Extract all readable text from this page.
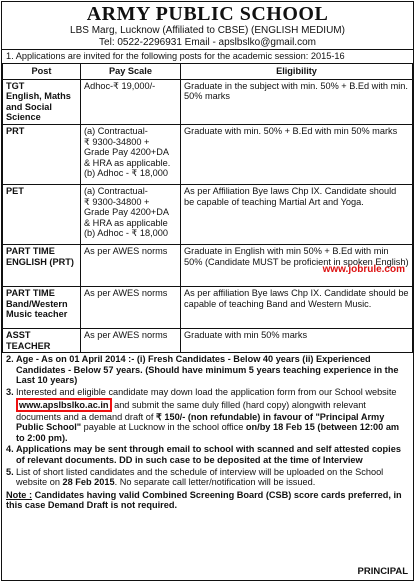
ARMY PUBLIC SCHOOL
LBS Marg, Lucknow (Affiliated to CBSE) (ENGLISH MEDIUM)
Tel: 0522-2296931 Email - apslbslko@gmail.com
1. Applications are invited for the following posts for the academic session: 2015-16
Post	Pay Scale	Eligibility
TGT
English, Maths and Social Science	Adhoc-₹ 19,000/-	Graduate in the subject with min. 50% + B.Ed with min. 50% marks
PRT	(a) Contractual-
₹ 9300-34800 +
Grade Pay 4200+DA
& HRA as applicable.
(b) Adhoc - ₹ 18,000	Graduate with min. 50% + B.Ed with min 50% marks
PET	(a) Contractual-
₹ 9300-34800 +
Grade Pay 4200+DA
& HRA as applicable
(b) Adhoc - ₹ 18,000	As per Affiliation Bye laws Chp IX. Candidate should be capable of teaching Martial Art and Yoga.
PART TIME ENGLISH (PRT)	As per AWES norms	Graduate in English with min 50% + B.Ed with min 50% (Candidate MUST be proficient in spoken English)
PART TIME Band/Western Music teacher	As per AWES norms	As per affiliation Bye laws Chp IX. Candidate should be capable of teaching Band and Western Music.
ASST TEACHER	As per AWES norms	Graduate with min 50% marks
www.jobrule.com
2. Age - As on 01 April 2014 :- (i) Fresh Candidates - Below 40 years (ii) Experienced Candidates - Below 57 years. (Should have minimum 5 years teaching experience in the Last 10 years)
3. Interested and eligible candidate may down load the application form from our School website www.apslbslko.ac.in and submit the same duly filled (hard copy) alongwith relevant documents and a demand draft of ₹ 150/- (non refundable) in favour of "Principal Army Public School" payable at Lucknow in the school office on/by 18 Feb 15 (between 12:00 am to 2:00 pm).
4. Applications may be sent through email to school with scanned and self attested copies of relevant documents. DD in such case to be deposited at the time of Interview
5. List of short listed candidates and the schedule of interview will be uploaded on the School website on 28 Feb 2015. No separate call letter/notification will be issued.
Note : Candidates having valid Combined Screening Board (CSB) score cards preferred, in this case Demand Draft is not required.
PRINCIPAL
